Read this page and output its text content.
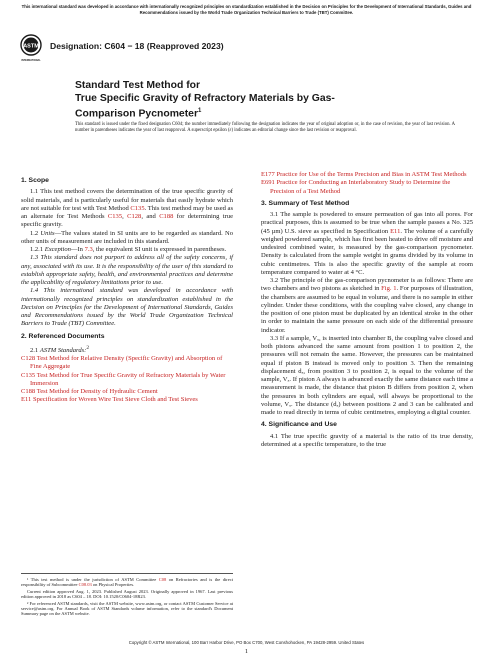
This international standard was developed in accordance with internationally recognized principles on standardization established in the Decision on Principles for the Development of International Standards, Guides and Recommendations issued by the World Trade Organization Technical Barriers to Trade (TBT) Committee.
ASTM
INTERNATIONAL
Designation: C604 − 18 (Reapproved 2023)
Standard Test Method for
True Specific Gravity of Refractory Materials by Gas-
Comparison Pycnometer$^1$
This standard is issued under the fixed designation C604; the number immediately following the designation indicates the year of original adoption or, in the case of revision, the year of last revision. A number in parentheses indicates the year of last reapproval. A superscript epsilon (ε) indicates an editorial change since the last revision or reapproval.
1. Scope

1.1 This test method covers the determination of the true specific gravity of solid materials, and is particularly useful for materials that easily hydrate which are not suitable for test with Test Method C135. This test method may be used as an alternate for Test Methods C135, C128, and C188 for determining true specific gravity.

1.2 Units—The values stated in SI units are to be regarded as standard. No other units of measurement are included in this standard.

1.2.1 Exception—In 7.3, the equivalent SI unit is expressed in parentheses.

1.3 This standard does not purport to address all of the safety concerns, if any, associated with its use. It is the responsibility of the user of this standard to establish appropriate safety, health, and environmental practices and determine the applicability of regulatory limitations prior to use.

1.4 This international standard was developed in accordance with internationally recognized principles on standardization established in the Decision on Principles for the Development of International Standards, Guides and Recommendations issued by the World Trade Organization Technical Barriers to Trade (TBT) Committee.

2. Referenced Documents

2.1 ASTM Standards:$^2$

C128 Test Method for Relative Density (Specific Gravity) and Absorption of Fine Aggregate
C135 Test Method for True Specific Gravity of Refractory Materials by Water Immersion
C188 Test Method for Density of Hydraulic Cement
E11 Specification for Woven Wire Test Sieve Cloth and Test Sieves
E177 Practice for Use of the Terms Precision and Bias in ASTM Test Methods
E691 Practice for Conducting an Interlaboratory Study to Determine the Precision of a Test Method
3. Summary of Test Method

3.1 The sample is powdered to ensure permeation of gas into all pores. For practical purposes, this is assumed to be true when the sample passes a No. 325 (45 µm) U.S. sieve as specified in Specification E11. The volume of a carefully weighed powdered sample, which has first been heated to drive off moisture and undesired combined water, is measured by the gas-comparison pycnometer. Density is calculated from the sample weight in grams divided by its volume in cubic centimetres. This is also the specific gravity of the sample at room temperature compared to water at 4 °C.

3.2 The principle of the gas-comparison pycnometer is as follows: There are two chambers and two pistons as sketched in Fig. 1. For purposes of illustration, the chambers are assumed to be equal in volume, and there is no sample in either cylinder. Under these conditions, with the coupling valve closed, any change in the position of one piston must be duplicated by an identical stroke in the other in order to maintain the same pressure on each side of the differential pressure indicator.

3.3 If a sample, Vₓ, is inserted into chamber B, the coupling valve closed and both pistons advanced the same amount from position 1 to position 2, the pressures will not remain the same. However, the pressures can be maintained equal if piston B instead is moved only to position 3. Then the remaining displacement dₓ, from position 3 to position 2, is equal to the volume of the sample, Vₓ. If piston A always is advanced exactly the same distance each time a measurement is made, the distance that piston B differs from position 2, when the pressures in both cylinders are equal, will always be proportional to the volume, Vₓ. The distance (dₓ) between positions 2 and 3 can be calibrated and made to read directly in terms of cubic centimetres, employing a digital counter.

4. Significance and Use

4.1 The true specific gravity of a material is the ratio of its true density, determined at a specific temperature, to the true

¹ This test method is under the jurisdiction of ASTM Committee C08 on Refractories and is the direct responsibility of Subcommittee C08.03 on Physical Properties.

Current edition approved Aug. 1, 2023. Published August 2023. Originally approved in 1967. Last previous edition approved in 2018 as C604 – 18. DOI: 10.1520/C0604-18R23.

² For referenced ASTM standards, visit the ASTM website, www.astm.org, or contact ASTM Customer Service at service@astm.org. For Annual Book of ASTM Standards volume information, refer to the standard's Document Summary page on the ASTM website.

Copyright © ASTM International, 100 Barr Harbor Drive, PO Box C700, West Conshohocken, PA 19428-2959. United States
1
